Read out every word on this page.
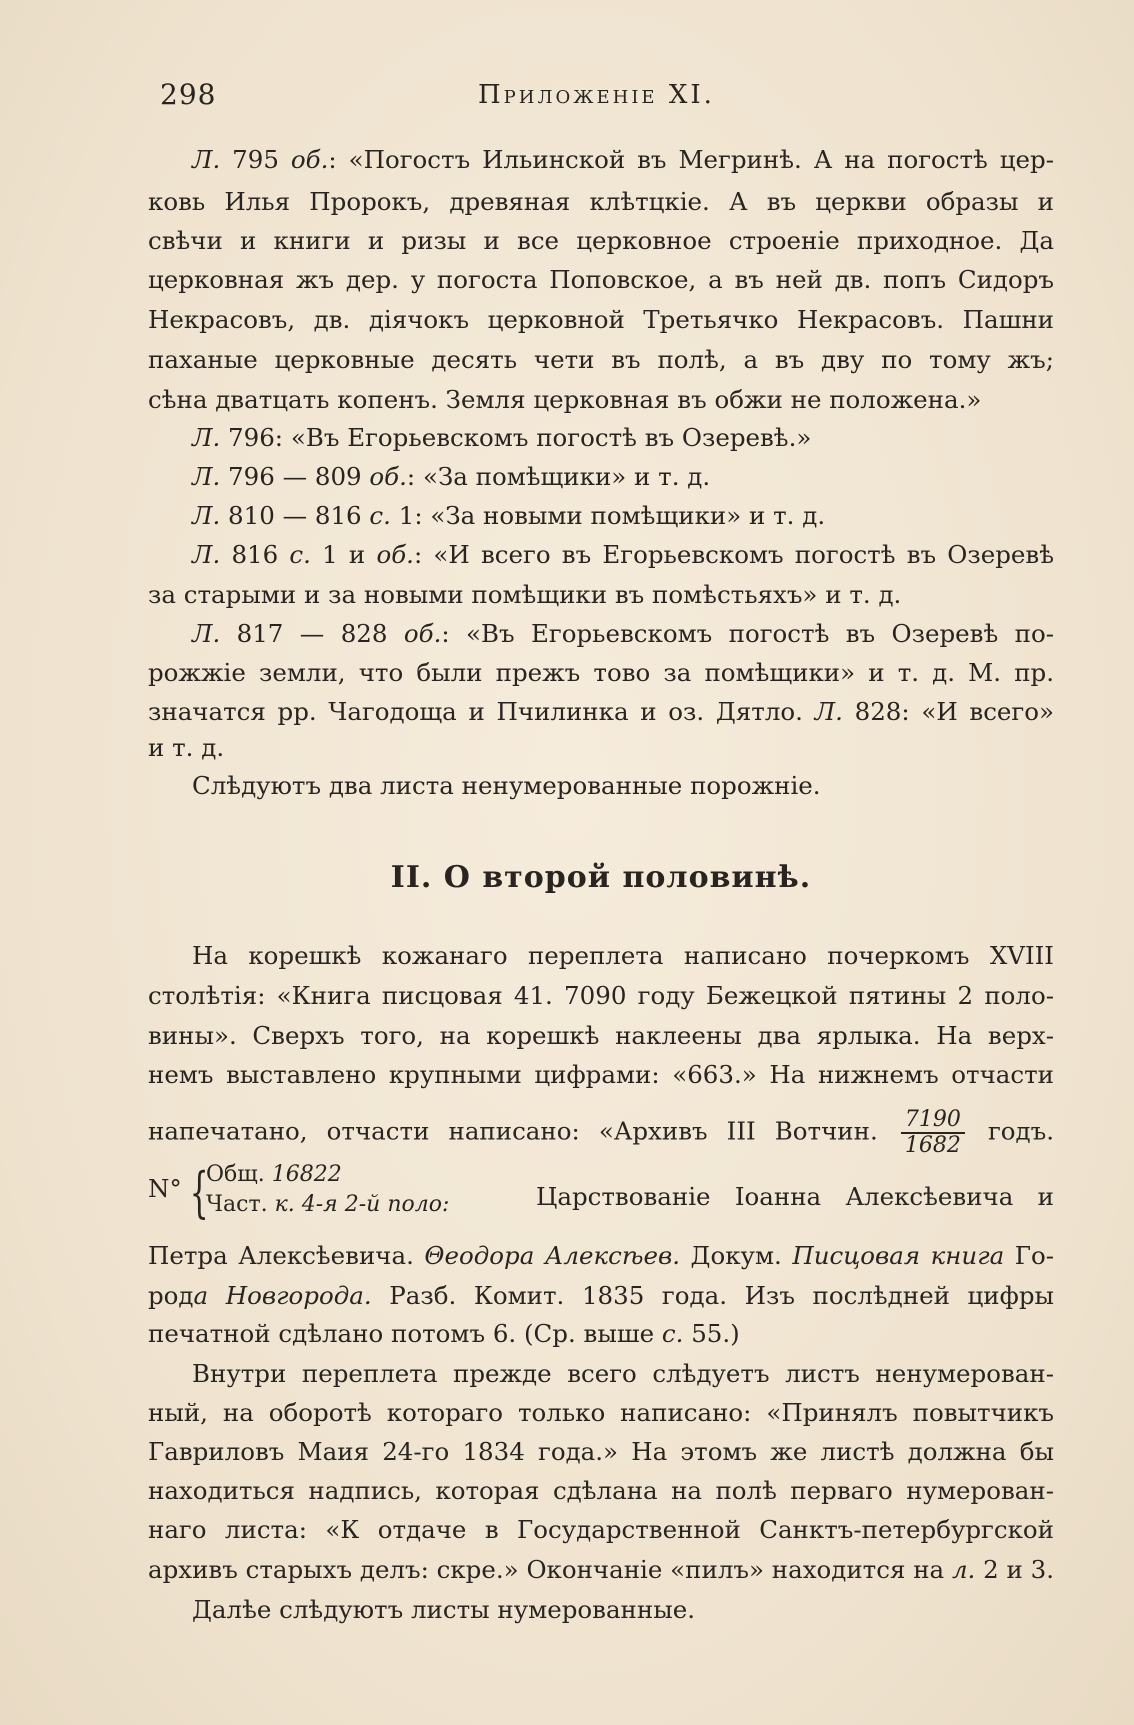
298	Приложеніе XI.
Л. 795 об.: «Погостъ Ильинской въ Мегринѣ. А на погостѣ цер-
ковь Илья Пророкъ, древяная клѣтцкіе. А въ церкви образы и
свѣчи и книги и ризы и все церковное строеніе приходное. Да
церковная жъ дер. у погоста Поповское, а въ ней дв. попъ Сидоръ
Некрасовъ, дв. діячокъ церковной Третьячко Некрасовъ. Пашни
паханые церковные десять чети въ полѣ, а въ дву по тому жъ;
сѣна дватцать копенъ. Земля церковная въ обжи не положена.»
Л. 796: «Въ Егорьевскомъ погостѣ въ Озеревѣ.»
Л. 796 — 809 об.: «За помѣщики» и т. д.
Л. 810 — 816 с. 1: «За новыми помѣщики» и т. д.
Л. 816 с. 1 и об.: «И всего въ Егорьевскомъ погостѣ въ Озеревѣ
за старыми и за новыми помѣщики въ помѣстьяхъ» и т. д.
Л. 817 — 828 об.: «Въ Егорьевскомъ погостѣ въ Озеревѣ по-
рожжіе земли, что были прежъ тово за помѣщики» и т. д. М. пр.
значатся рр. Чагодоща и Пчилинка и оз. Дятло. Л. 828: «И всего»
и т. д.
Слѣдуютъ два листа ненумерованные порожніе.
II. О второй половинѣ.
На корешкѣ кожанаго переплета написано почеркомъ XVIII
столѣтія: «Книга писцовая 41. 7090 году Бежецкой пятины 2 поло-
вины». Сверхъ того, на корешкѣ наклеены два ярлыка. На верх-
немъ выставлено крупными цифрами: «663.» На нижнемъ отчасти
напечатано, отчасти написано: «Архивъ III Вотчин. $\frac{7190}{1682}$ годъ.
N° {
Общ. 16822
Част. к. 4-я 2-й поло:	Царствованіе Іоанна Алексѣевича и
Петра Алексѣевича. Θеодора Алексѣев. Докум. Писцовая книга Го-
рода Новгорода. Разб. Комит. 1835 года. Изъ послѣдней цифры
печатной сдѣлано потомъ 6. (Ср. выше с. 55.)
Внутри переплета прежде всего слѣдуетъ листъ ненумерован-
ный, на оборотѣ котораго только написано: «Принялъ повытчикъ
Гавриловъ Маия 24-го 1834 года.» На этомъ же листѣ должна бы
находиться надпись, которая сдѣлана на полѣ перваго нумерован-
наго листа: «К отдаче в Государственной Санктъ-петербургской
архивъ старыхъ делъ: скре.» Окончаніе «пилъ» находится на л. 2 и 3.
Далѣе слѣдуютъ листы нумерованные.
